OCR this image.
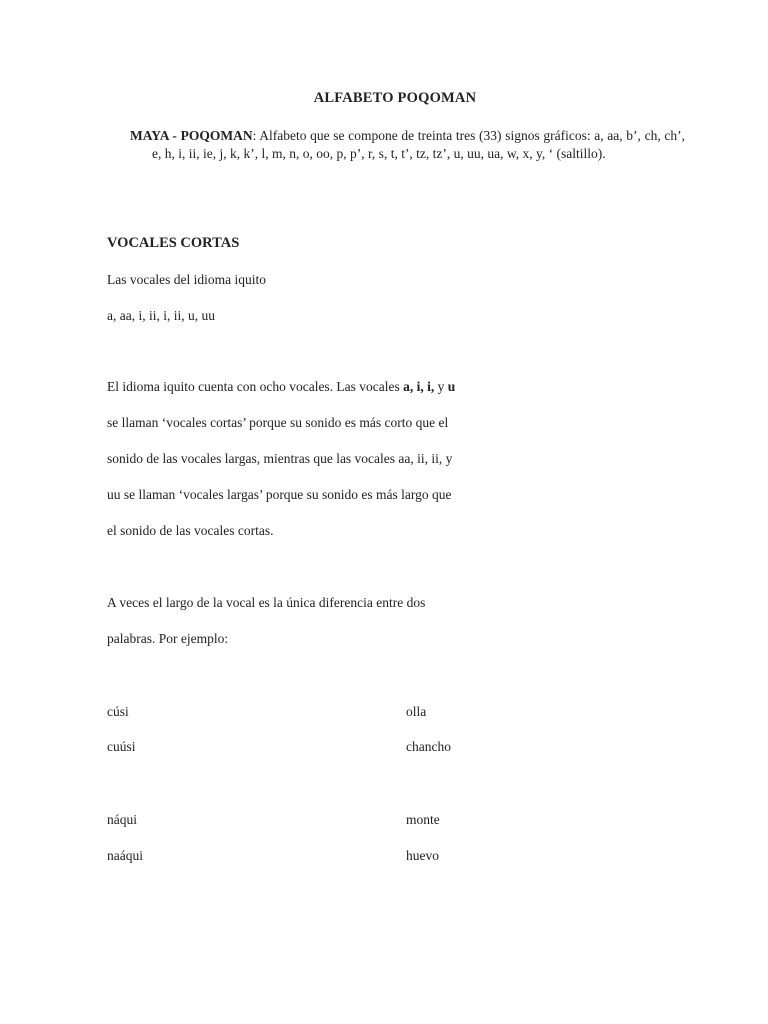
ALFABETO POQOMAN
MAYA - POQOMAN: Alfabeto que se compone de treinta tres (33) signos gráficos: a, aa, b’, ch, ch’, e, h, i, ii, ie, j, k, k’, l, m, n, o, oo, p, p’, r, s, t, t’, tz, tz’, u, uu, ua, w, x, y, ‘ (saltillo).
VOCALES CORTAS
Las vocales del idioma iquito
a, aa, i, ii, i, ii, u, uu
El idioma iquito cuenta con ocho vocales. Las vocales a, i, i, y u
se llaman ‘vocales cortas’ porque su sonido es más corto que el
sonido de las vocales largas, mientras que las vocales aa, ii, ii, y
uu se llaman ‘vocales largas’ porque su sonido es más largo que
el sonido de las vocales cortas.
A veces el largo de la vocal es la única diferencia entre dos
palabras. Por ejemplo:
cúsi	olla
cuúsi	chancho
náqui	monte
naáqui	huevo
